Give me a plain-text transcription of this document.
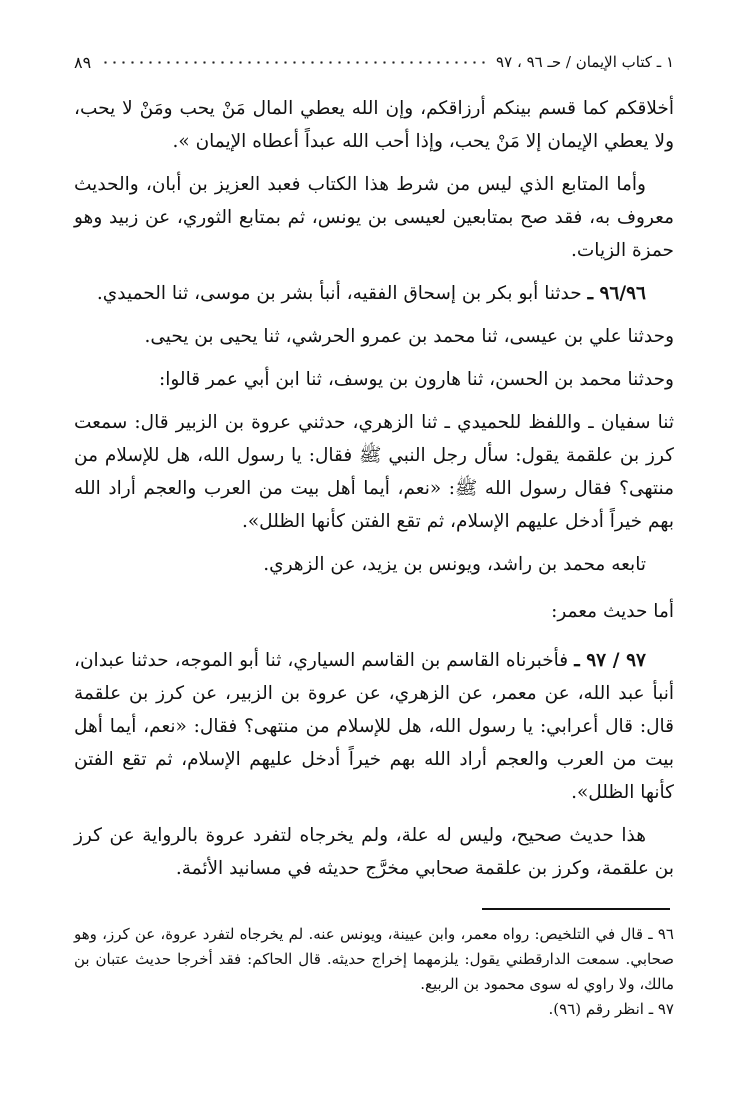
١ ـ كتاب الإيمان / حـ ٩٦ ، ٩٧
٨٩

أخلاقكم كما قسم بينكم أرزاقكم، وإن الله يعطي المال مَنْ يحب ومَنْ لا يحب، ولا يعطي الإيمان إلا مَنْ يحب، وإذا أحب الله عبداً أعطاه الإيمان ».

وأما المتابع الذي ليس من شرط هذا الكتاب فعبد العزيز بن أبان، والحديث معروف به، فقد صح بمتابعين لعيسى بن يونس، ثم بمتابع الثوري، عن زبيد وهو حمزة الزيات.

٩٦/٩٦ ـ حدثنا أبو بكر بن إسحاق الفقيه، أنبأ بشر بن موسى، ثنا الحميدي.

وحدثنا علي بن عيسى، ثنا محمد بن عمرو الحرشي، ثنا يحيى بن يحيى.

وحدثنا محمد بن الحسن، ثنا هارون بن يوسف، ثنا ابن أبي عمر قالوا:

ثنا سفيان ـ واللفظ للحميدي ـ ثنا الزهري، حدثني عروة بن الزبير قال: سمعت كرز بن علقمة يقول: سأل رجل النبي ﷺ فقال: يا رسول الله، هل للإسلام من منتهى؟ فقال رسول الله ﷺ: «نعم، أيما أهل بيت من العرب والعجم أراد الله بهم خيراً أدخل عليهم الإسلام، ثم تقع الفتن كأنها الظلل».

تابعه محمد بن راشد، ويونس بن يزيد، عن الزهري.

أما حديث معمر:

٩٧ / ٩٧ ـ فأخبرناه القاسم بن القاسم السياري، ثنا أبو الموجه، حدثنا عبدان، أنبأ عبد الله، عن معمر، عن الزهري، عن عروة بن الزبير، عن كرز بن علقمة قال: قال أعرابي: يا رسول الله، هل للإسلام من منتهى؟ فقال: «نعم، أيما أهل بيت من العرب والعجم أراد الله بهم خيراً أدخل عليهم الإسلام، ثم تقع الفتن كأنها الظلل».

هذا حديث صحيح، وليس له علة، ولم يخرجاه لتفرد عروة بالرواية عن كرز بن علقمة، وكرز بن علقمة صحابي مخرَّج حديثه في مسانيد الأئمة.

٩٦ ـ قال في التلخيص: رواه معمر، وابن عيينة، ويونس عنه. لم يخرجاه لتفرد عروة، عن كرز، وهو صحابي. سمعت الدارقطني يقول: يلزمهما إخراج حديثه. قال الحاكم: فقد أخرجا حديث عتبان بن مالك، ولا راوي له سوى محمود بن الربيع.

٩٧ ـ انظر رقم (٩٦).
